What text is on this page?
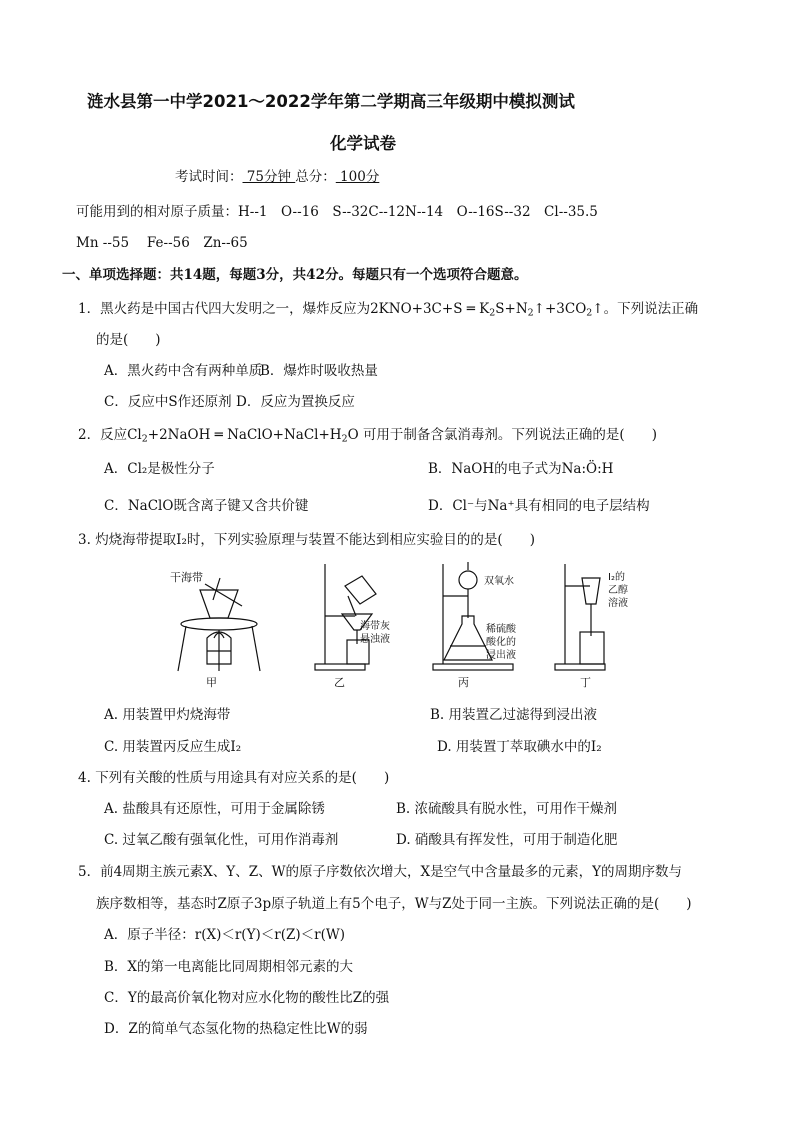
涟水县第一中学2021～2022学年第二学期高三年级期中模拟测试
化学试卷
考试时间： 75分钟 总分： 100分
可能用到的相对原子质量：H--1　O--16　S--32C--12N--14　O--16S--32　Cl--35.5
Mn --55　 Fe--56　Zn--65
一、单项选择题：共14题，每题3分，共42分。每题只有一个选项符合题意。
1．黑火药是中国古代四大发明之一，爆炸反应为2KNO+3C+S ═ $K_2S+N_2↑+3CO_2↑$。下列说法正确
的是(　　)
A．黑火药中含有两种单质
B．爆炸时吸收热量
C．反应中S作还原剂 D．反应为置换反应
2．反应$Cl_2+2NaOH$ ═ $NaClO+NaCl+H_2O$ 可用于制备含氯消毒剂。下列说法正确的是(　　)
A．Cl₂是极性分子	B．NaOH的电子式为Na:Ö:H
C．NaClO既含离子键又含共价键	D．Cl⁻与Na⁺具有相同的电子层结构
3. 灼烧海带提取I₂时，下列实验原理与装置不能达到相应实验目的的是(　　)
干海带
甲
海带灰
悬浊液
乙
双氧水
稀硫酸
酸化的
浸出液
丙
I₂的
乙醇
溶液
丁
A. 用装置甲灼烧海带	B. 用装置乙过滤得到浸出液
C. 用装置丙反应生成I₂	D. 用装置丁萃取碘水中的I₂
4. 下列有关酸的性质与用途具有对应关系的是(　　)
A. 盐酸具有还原性，可用于金属除锈	B. 浓硫酸具有脱水性，可用作干燥剂
C. 过氧乙酸有强氧化性，可用作消毒剂	D. 硝酸具有挥发性，可用于制造化肥
5．前4周期主族元素X、Y、Z、W的原子序数依次增大，X是空气中含量最多的元素，Y的周期序数与
族序数相等，基态时Z原子3p原子轨道上有5个电子，W与Z处于同一主族。下列说法正确的是(　　)
A．原子半径：r(X)＜r(Y)＜r(Z)＜r(W)
B．X的第一电离能比同周期相邻元素的大
C．Y的最高价氧化物对应水化物的酸性比Z的强
D．Z的简单气态氢化物的热稳定性比W的弱
